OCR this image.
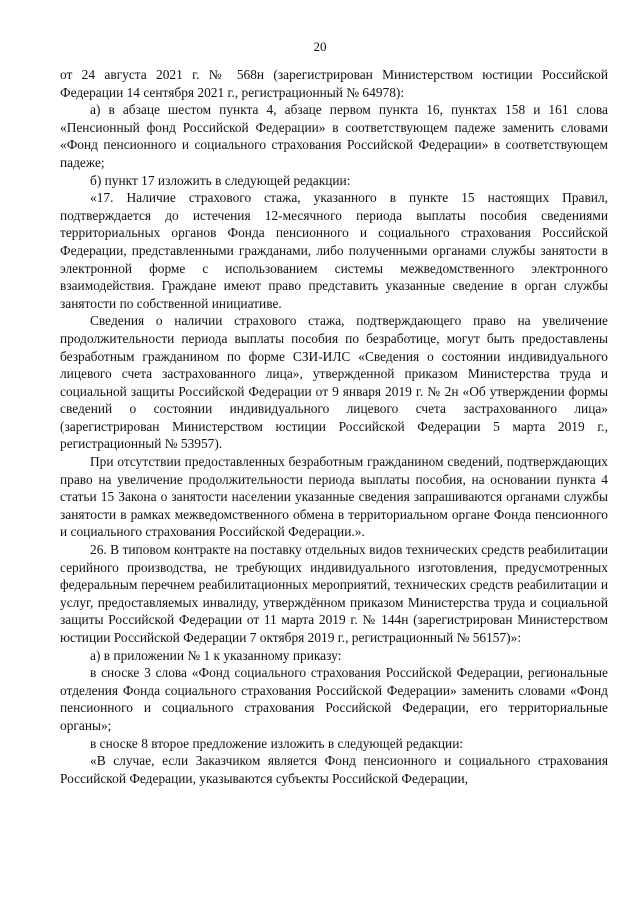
20

от 24 августа 2021 г. № 568н (зарегистрирован Министерством юстиции Российской Федерации 14 сентября 2021 г., регистрационный № 64978):

а) в абзаце шестом пункта 4, абзаце первом пункта 16, пунктах 158 и 161 слова «Пенсионный фонд Российской Федерации» в соответствующем падеже заменить словами «Фонд пенсионного и социального страхования Российской Федерации» в соответствующем падеже;

б) пункт 17 изложить в следующей редакции:

«17. Наличие страхового стажа, указанного в пункте 15 настоящих Правил, подтверждается до истечения 12-месячного периода выплаты пособия сведениями территориальных органов Фонда пенсионного и социального страхования Российской Федерации, представленными гражданами, либо полученными органами службы занятости в электронной форме с использованием системы межведомственного электронного взаимодействия. Граждане имеют право представить указанные сведение в орган службы занятости по собственной инициативе.

Сведения о наличии страхового стажа, подтверждающего право на увеличение продолжительности периода выплаты пособия по безработице, могут быть предоставлены безработным гражданином по форме СЗИ-ИЛС «Сведения о состоянии индивидуального лицевого счета застрахованного лица», утвержденной приказом Министерства труда и социальной защиты Российской Федерации от 9 января 2019 г. № 2н «Об утверждении формы сведений о состоянии индивидуального лицевого счета застрахованного лица» (зарегистрирован Министерством юстиции Российской Федерации 5 марта 2019 г., регистрационный № 53957).

При отсутствии предоставленных безработным гражданином сведений, подтверждающих право на увеличение продолжительности периода выплаты пособия, на основании пункта 4 статьи 15 Закона о занятости населении указанные сведения запрашиваются органами службы занятости в рамках межведомственного обмена в территориальном органе Фонда пенсионного и социального страхования Российской Федерации.».

26. В типовом контракте на поставку отдельных видов технических средств реабилитации серийного производства, не требующих индивидуального изготовления, предусмотренных федеральным перечнем реабилитационных мероприятий, технических средств реабилитации и услуг, предоставляемых инвалиду, утверждённом приказом Министерства труда и социальной защиты Российской Федерации от 11 марта 2019 г. № 144н (зарегистрирован Министерством юстиции Российской Федерации 7 октября 2019 г., регистрационный № 56157)»:

а) в приложении № 1 к указанному приказу:

в сноске 3 слова «Фонд социального страхования Российской Федерации, региональные отделения Фонда социального страхования Российской Федерации» заменить словами «Фонд пенсионного и социального страхования Российской Федерации, его территориальные органы»;

в сноске 8 второе предложение изложить в следующей редакции:

«В случае, если Заказчиком является Фонд пенсионного и социального страхования Российской Федерации, указываются субъекты Российской Федерации,
